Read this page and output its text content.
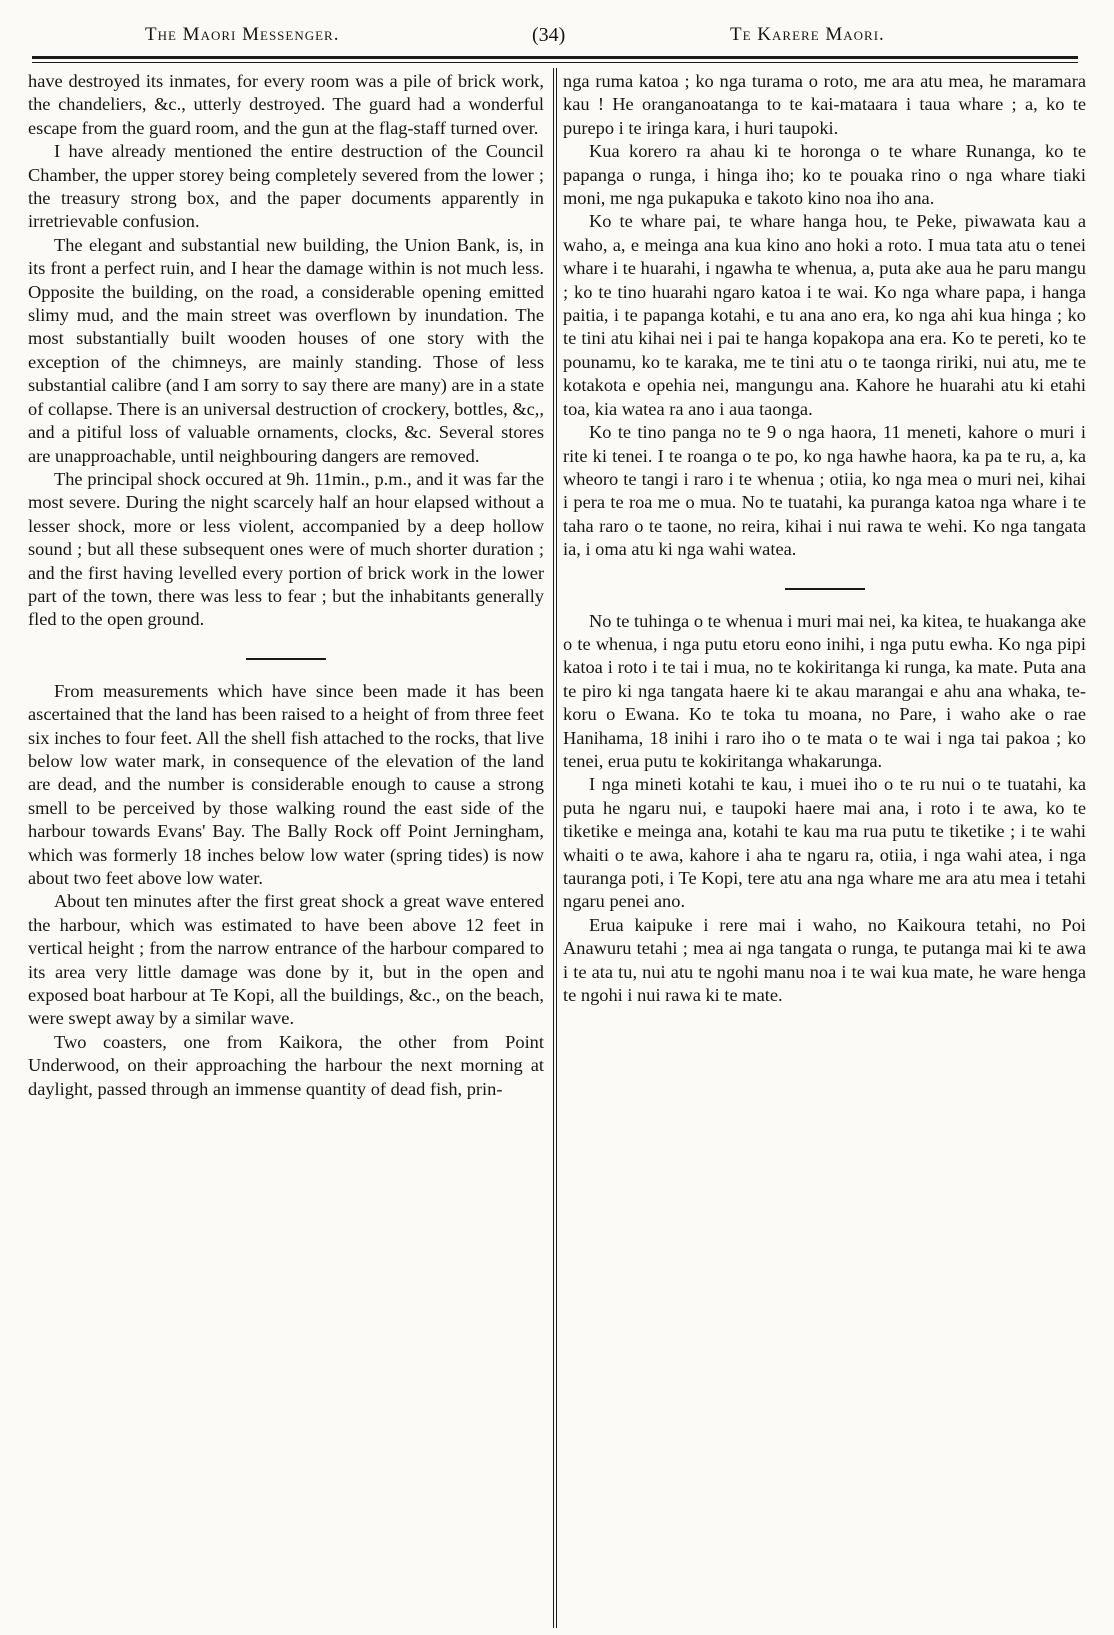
The Maori Messenger.	(34)	Te Karere Maori.

have destroyed its inmates, for every room was a pile of brick work, the chandeliers, &c., utterly destroyed. The guard had a wonderful escape from the guard room, and the gun at the flag-staff turned over.

I have already mentioned the entire destruction of the Council Chamber, the upper storey being completely severed from the lower ; the treasury strong box, and the paper documents apparently in irretrievable confusion.

The elegant and substantial new building, the Union Bank, is, in its front a perfect ruin, and I hear the damage within is not much less. Opposite the building, on the road, a considerable opening emitted slimy mud, and the main street was overflown by inundation. The most substantially built wooden houses of one story with the exception of the chimneys, are mainly standing. Those of less substantial calibre (and I am sorry to say there are many) are in a state of collapse. There is an universal destruction of crockery, bottles, &c,, and a pitiful loss of valuable ornaments, clocks, &c. Several stores are unapproachable, until neighbouring dangers are removed.

The principal shock occured at 9h. 11min., p.m., and it was far the most severe. During the night scarcely half an hour elapsed without a lesser shock, more or less violent, accompanied by a deep hollow sound ; but all these subsequent ones were of much shorter duration ; and the first having levelled every portion of brick work in the lower part of the town, there was less to fear ; but the inhabitants generally fled to the open ground.

From measurements which have since been made it has been ascertained that the land has been raised to a height of from three feet six inches to four feet. All the shell fish attached to the rocks, that live below low water mark, in consequence of the elevation of the land are dead, and the number is considerable enough to cause a strong smell to be perceived by those walking round the east side of the harbour towards Evans' Bay. The Bally Rock off Point Jerningham, which was formerly 18 inches below low water (spring tides) is now about two feet above low water.

About ten minutes after the first great shock a great wave entered the harbour, which was estimated to have been above 12 feet in vertical height ; from the narrow entrance of the harbour compared to its area very little damage was done by it, but in the open and exposed boat harbour at Te Kopi, all the buildings, &c., on the beach, were swept away by a similar wave.

Two coasters, one from Kaikora, the other from Point Underwood, on their approaching the harbour the next morning at daylight, passed through an immense quantity of dead fish, prin-

nga ruma katoa ; ko nga turama o roto, me ara atu mea, he maramara kau ! He oranganoatanga to te kai-mataara i taua whare ; a, ko te purepo i te iringa kara, i huri taupoki.

Kua korero ra ahau ki te horonga o te whare Runanga, ko te papanga o runga, i hinga iho; ko te pouaka rino o nga whare tiaki moni, me nga pukapuka e takoto kino noa iho ana.

Ko te whare pai, te whare hanga hou, te Peke, piwawata kau a waho, a, e meinga ana kua kino ano hoki a roto. I mua tata atu o tenei whare i te huarahi, i ngawha te whenua, a, puta ake aua he paru mangu ; ko te tino huarahi ngaro katoa i te wai. Ko nga whare papa, i hanga paitia, i te papanga kotahi, e tu ana ano era, ko nga ahi kua hinga ; ko te tini atu kihai nei i pai te hanga kopakopa ana era. Ko te pereti, ko te pounamu, ko te karaka, me te tini atu o te taonga ririki, nui atu, me te kotakota e opehia nei, mangungu ana. Kahore he huarahi atu ki etahi toa, kia watea ra ano i aua taonga.

Ko te tino panga no te 9 o nga haora, 11 meneti, kahore o muri i rite ki tenei. I te roanga o te po, ko nga hawhe haora, ka pa te ru, a, ka wheoro te tangi i raro i te whenua ; otiia, ko nga mea o muri nei, kihai i pera te roa me o mua. No te tuatahi, ka puranga katoa nga whare i te taha raro o te taone, no reira, kihai i nui rawa te wehi. Ko nga tangata ia, i oma atu ki nga wahi watea.

No te tuhinga o te whenua i muri mai nei, ka kitea, te huakanga ake o te whenua, i nga putu etoru eono inihi, i nga putu ewha. Ko nga pipi katoa i roto i te tai i mua, no te kokiritanga ki runga, ka mate. Puta ana te piro ki nga tangata haere ki te akau marangai e ahu ana whaka, te-koru o Ewana. Ko te toka tu moana, no Pare, i waho ake o rae Hanihama, 18 inihi i raro iho o te mata o te wai i nga tai pakoa ; ko tenei, erua putu te kokiritanga whakarunga.

I nga mineti kotahi te kau, i muei iho o te ru nui o te tuatahi, ka puta he ngaru nui, e taupoki haere mai ana, i roto i te awa, ko te tiketike e meinga ana, kotahi te kau ma rua putu te tiketike ; i te wahi whaiti o te awa, kahore i aha te ngaru ra, otiia, i nga wahi atea, i nga tauranga poti, i Te Kopi, tere atu ana nga whare me ara atu mea i tetahi ngaru penei ano.

Erua kaipuke i rere mai i waho, no Kaikoura tetahi, no Poi Anawuru tetahi ; mea ai nga tangata o runga, te putanga mai ki te awa i te ata tu, nui atu te ngohi manu noa i te wai kua mate, he ware henga te ngohi i nui rawa ki te mate.
